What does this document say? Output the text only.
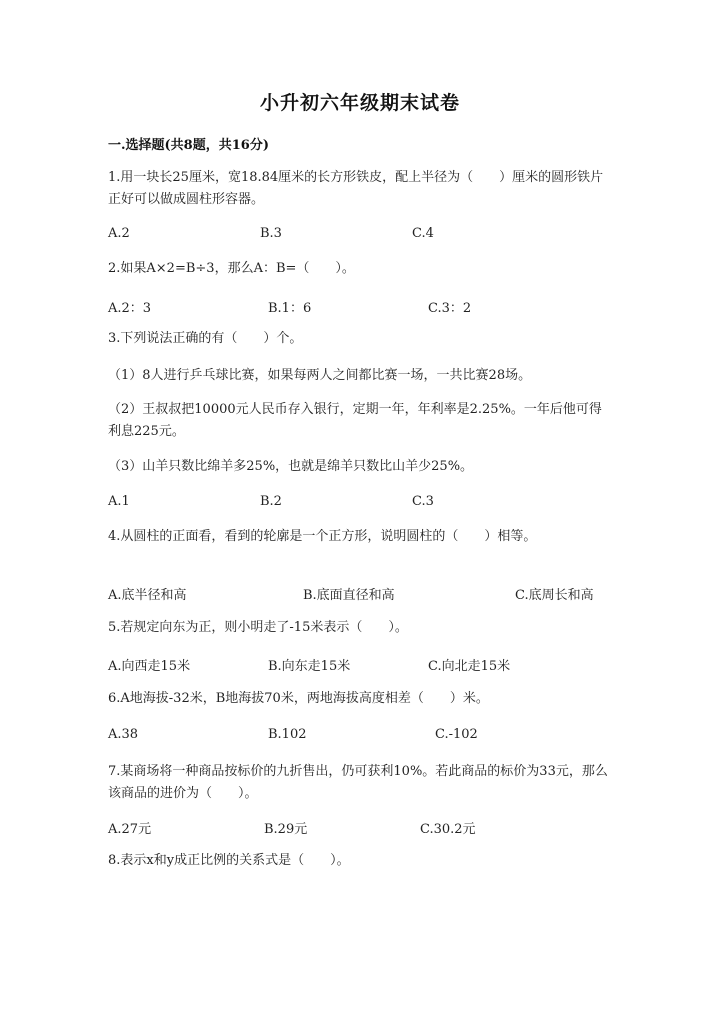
小升初六年级期末试卷
一.选择题(共8题，共16分)
1.用一块长25厘米，宽18.84厘米的长方形铁皮，配上半径为（　　）厘米的圆形铁片正好可以做成圆柱形容器。
A.2	B.3	C.4
2.如果A×2=B÷3，那么A：B=（　　）。
A.2：3	B.1：6	C.3：2
3.下列说法正确的有（　　）个。
（1）8人进行乒乓球比赛，如果每两人之间都比赛一场，一共比赛28场。
（2）王叔叔把10000元人民币存入银行，定期一年，年利率是2.25%。一年后他可得利息225元。
（3）山羊只数比绵羊多25%，也就是绵羊只数比山羊少25%。
A.1	B.2	C.3
4.从圆柱的正面看，看到的轮廓是一个正方形，说明圆柱的（　　）相等。
A.底半径和高	B.底面直径和高	C.底周长和高
5.若规定向东为正，则小明走了-15米表示（　　）。
A.向西走15米	B.向东走15米	C.向北走15米
6.A地海拔-32米，B地海拔70米，两地海拔高度相差（　　）米。
A.38	B.102	C.-102
7.某商场将一种商品按标价的九折售出，仍可获利10%。若此商品的标价为33元，那么该商品的进价为（　　）。
A.27元	B.29元	C.30.2元
8.表示x和y成正比例的关系式是（　　）。
